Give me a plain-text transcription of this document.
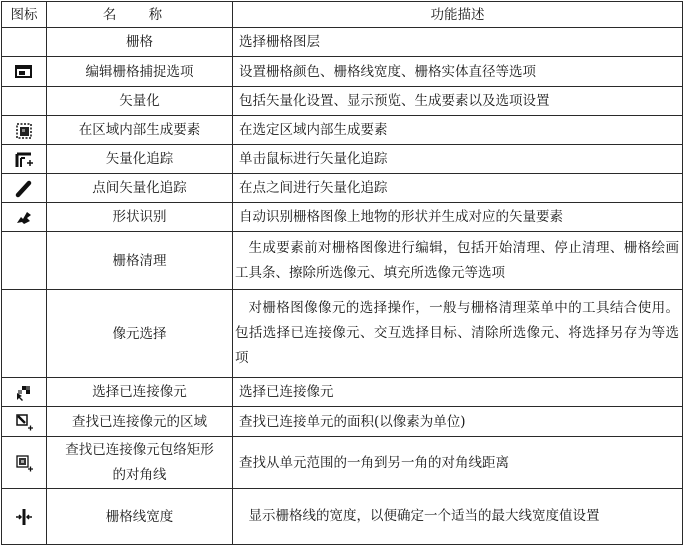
图标	名 称	功能描述
	栅格	选择栅格图层

	编辑栅格捕捉选项	设置栅格颜色、栅格线宽度、栅格实体直径等选项
	矢量化	包括矢量化设置、显示预览、生成要素以及选项设置

	在区域内部生成要素	在选定区域内部生成要素

	矢量化追踪	单击鼠标进行矢量化追踪

	点间矢量化追踪	在点之间进行矢量化追踪

	形状识别	自动识别栅格图像上地物的形状并生成对应的矢量要素
	栅格清理	生成要素前对栅格图像进行编辑，包括开始清理、停止清理、栅格绘画工具条、擦除所选像元、填充所选像元等选项
	像元选择	对栅格图像像元的选择操作，一般与栅格清理菜单中的工具结合使用。包括选择已连接像元、交互选择目标、清除所选像元、将选择另存为等选项

	选择已连接像元	选择已连接像元

	查找已连接像元的区域	查找已连接单元的面积(以像素为单位)

	查找已连接像元包络矩形的对角线	查找从单元范围的一角到另一角的对角线距离

	栅格线宽度	显示栅格线的宽度，以便确定一个适当的最大线宽度值设置
